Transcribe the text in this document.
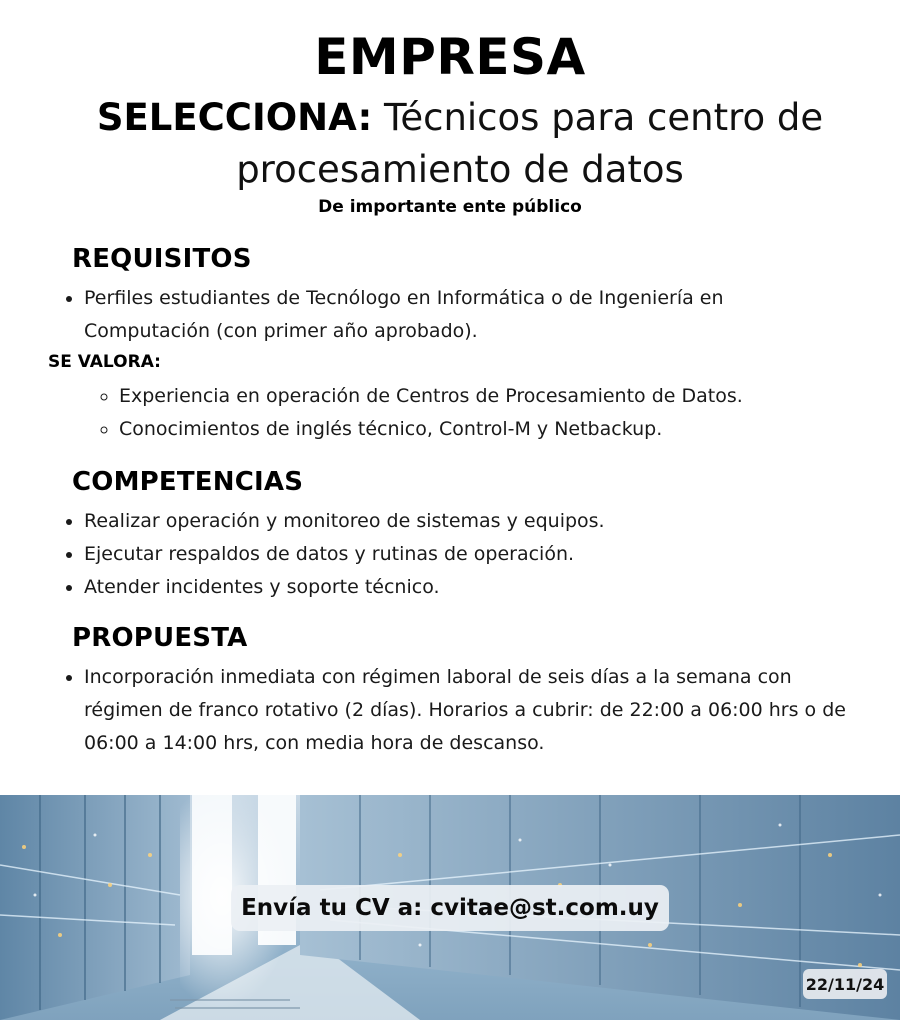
EMPRESA
SELECCIONA: Técnicos para centro de procesamiento de datos
De importante ente público
REQUISITOS
• Perfiles estudiantes de Tecnólogo en Informática o de Ingeniería en Computación (con primer año aprobado).
SE VALORA:
◦ Experiencia en operación de Centros de Procesamiento de Datos.
◦ Conocimientos de inglés técnico, Control-M y Netbackup.
COMPETENCIAS
• Realizar operación y monitoreo de sistemas y equipos.
• Ejecutar respaldos de datos y rutinas de operación.
• Atender incidentes y soporte técnico.
PROPUESTA
• Incorporación inmediata con régimen laboral de seis días a la semana con régimen de franco rotativo (2 días). Horarios a cubrir: de 22:00 a 06:00 hrs o de 06:00 a 14:00 hrs, con media hora de descanso.
Envía tu CV a: cvitae@st.com.uy
22/11/24
